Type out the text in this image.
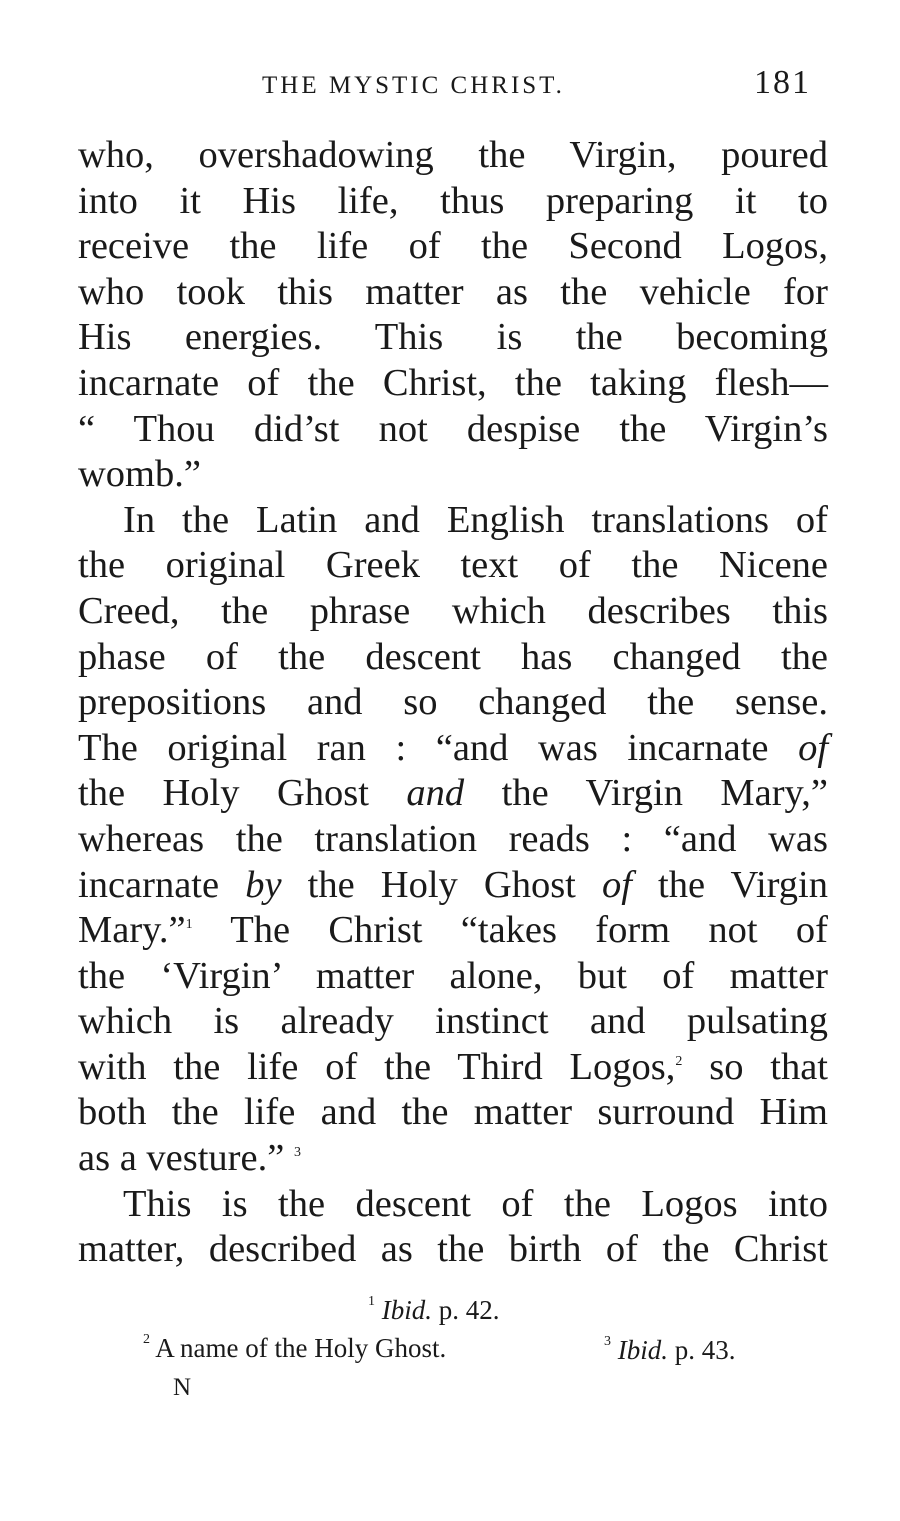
THE MYSTIC CHRIST.	181
who, overshadowing the Virgin, poured
into it His life, thus preparing it to
receive the life of the Second Logos,
who took this matter as the vehicle for
His energies. This is the becoming
incarnate of the Christ, the taking flesh—
“ Thou did’st not despise the Virgin’s
womb.”
In the Latin and English translations of
the original Greek text of the Nicene
Creed, the phrase which describes this
phase of the descent has changed the
prepositions and so changed the sense.
The original ran : “and was incarnate of
the Holy Ghost and the Virgin Mary,”
whereas the translation reads : “and was
incarnate by the Holy Ghost of the Virgin
Mary.”$^1$ The Christ “takes form not of
the ‘Virgin’ matter alone, but of matter
which is already instinct and pulsating
with the life of the Third Logos,$^2$ so that
both the life and the matter surround Him
as a vesture.” $^3$
This is the descent of the Logos into
matter, described as the birth of the Christ
$^1$ Ibid. p. 42.
$^2$ A name of the Holy Ghost.	$^3$ Ibid. p. 43.
N
